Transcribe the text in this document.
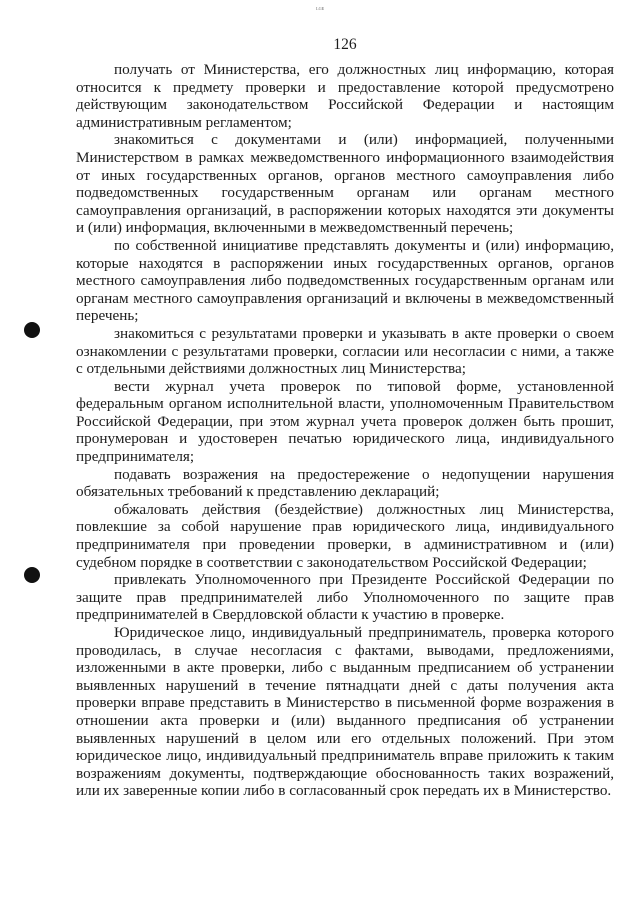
ᴸᴳᴱ
126

получать от Министерства, его должностных лиц информацию, которая относится к предмету проверки и предоставление которой предусмотрено действующим законодательством Российской Федерации и настоящим административным регламентом;

знакомиться с документами и (или) информацией, полученными Министерством в рамках межведомственного информационного взаимодействия от иных государственных органов, органов местного самоуправления либо подведомственных государственным органам или органам местного самоуправления организаций, в распоряжении которых находятся эти документы и (или) информация, включенными в межведомственный перечень;

по собственной инициативе представлять документы и (или) информацию, которые находятся в распоряжении иных государственных органов, органов местного самоуправления либо подведомственных государственным органам или органам местного самоуправления организаций и включены в межведомственный перечень;

знакомиться с результатами проверки и указывать в акте проверки о своем ознакомлении с результатами проверки, согласии или несогласии с ними, а также с отдельными действиями должностных лиц Министерства;

вести журнал учета проверок по типовой форме, установленной федеральным органом исполнительной власти, уполномоченным Правительством Российской Федерации, при этом журнал учета проверок должен быть прошит, пронумерован и удостоверен печатью юридического лица, индивидуального предпринимателя;

подавать возражения на предостережение о недопущении нарушения обязательных требований к представлению деклараций;

обжаловать действия (бездействие) должностных лиц Министерства, повлекшие за собой нарушение прав юридического лица, индивидуального предпринимателя при проведении проверки, в административном и (или) судебном порядке в соответствии с законодательством Российской Федерации;

привлекать Уполномоченного при Президенте Российской Федерации по защите прав предпринимателей либо Уполномоченного по защите прав предпринимателей в Свердловской области к участию в проверке.

Юридическое лицо, индивидуальный предприниматель, проверка которого проводилась, в случае несогласия с фактами, выводами, предложениями, изложенными в акте проверки, либо с выданным предписанием об устранении выявленных нарушений в течение пятнадцати дней с даты получения акта проверки вправе представить в Министерство в письменной форме возражения в отношении акта проверки и (или) выданного предписания об устранении выявленных нарушений в целом или его отдельных положений. При этом юридическое лицо, индивидуальный предприниматель вправе приложить к таким возражениям документы, подтверждающие обоснованность таких возражений, или их заверенные копии либо в согласованный срок передать их в Министерство.
